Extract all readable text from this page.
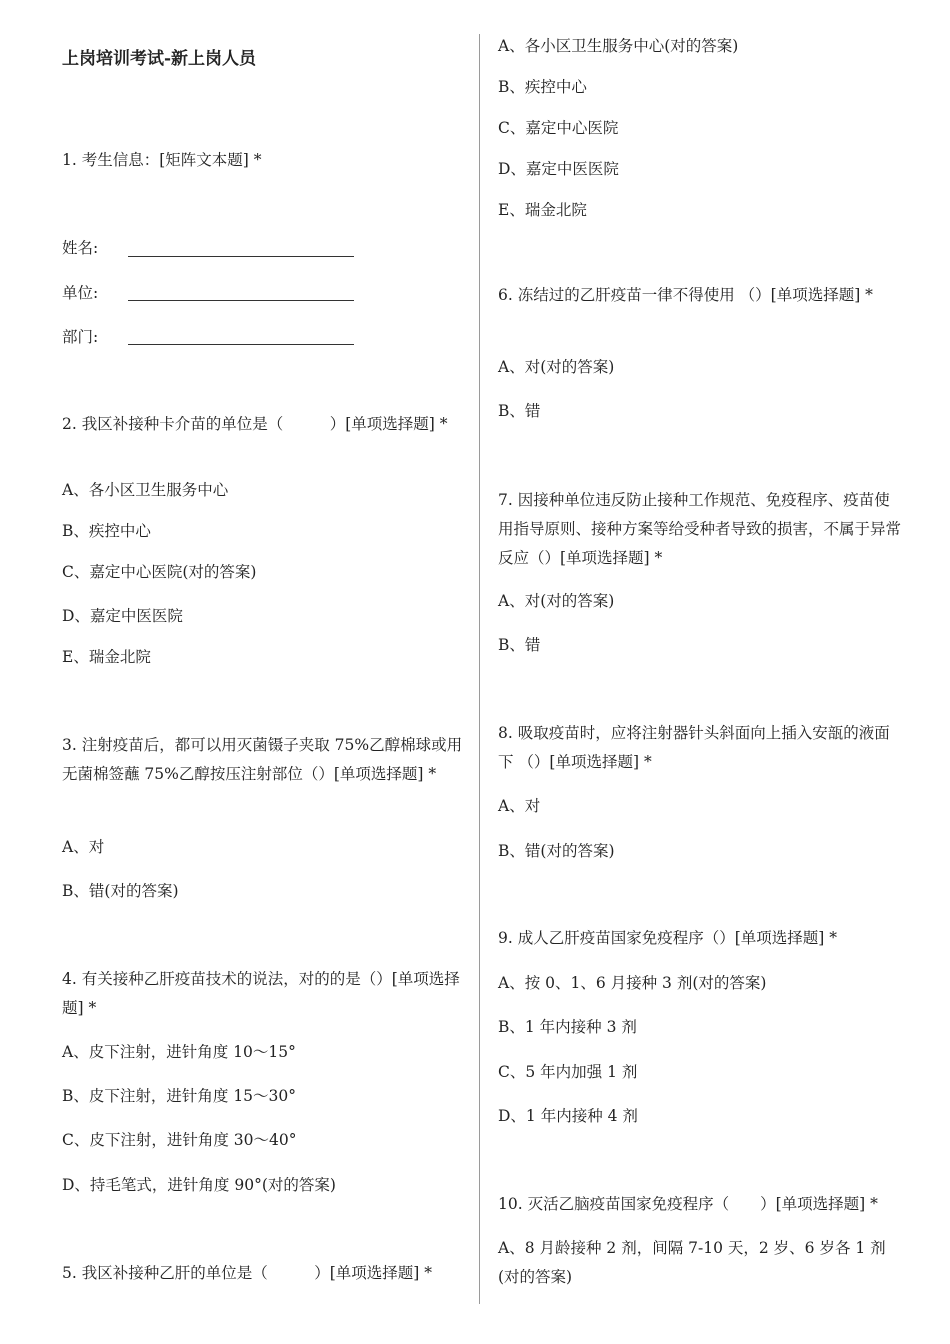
上岗培训考试-新上岗人员
1. 考生信息：[矩阵文本题] *
姓名:
单位:
部门:
2. 我区补接种卡介苗的单位是（　　　）[单项选择题] *
A、各小区卫生服务中心
B、疾控中心
C、嘉定中心医院(对的答案)
D、嘉定中医医院
E、瑞金北院
3. 注射疫苗后，都可以用灭菌镊子夹取 75%乙醇棉球或用无菌棉签蘸 75%乙醇按压注射部位（）[单项选择题] *
A、对
B、错(对的答案)
4. 有关接种乙肝疫苗技术的说法，对的的是（）[单项选择题] *
A、皮下注射，进针角度 10～15°
B、皮下注射，进针角度 15～30°
C、皮下注射，进针角度 30～40°
D、持毛笔式，进针角度 90°(对的答案)
5. 我区补接种乙肝的单位是（　　　）[单项选择题] *
A、各小区卫生服务中心(对的答案)
B、疾控中心
C、嘉定中心医院
D、嘉定中医医院
E、瑞金北院
6. 冻结过的乙肝疫苗一律不得使用 （）[单项选择题] *
A、对(对的答案)
B、错
7. 因接种单位违反防止接种工作规范、免疫程序、疫苗使用指导原则、接种方案等给受种者导致的损害，不属于异常反应（）[单项选择题] *
A、对(对的答案)
B、错
8. 吸取疫苗时，应将注射器针头斜面向上插入安瓿的液面下 （）[单项选择题] *
A、对
B、错(对的答案)
9. 成人乙肝疫苗国家免疫程序（）[单项选择题] *
A、按 0、1、6 月接种 3 剂(对的答案)
B、1 年内接种 3 剂
C、5 年内加强 1 剂
D、1 年内接种 4 剂
10. 灭活乙脑疫苗国家免疫程序（　　）[单项选择题] *
A、8 月龄接种 2 剂，间隔 7-10 天，2 岁、6 岁各 1 剂(对的答案)
